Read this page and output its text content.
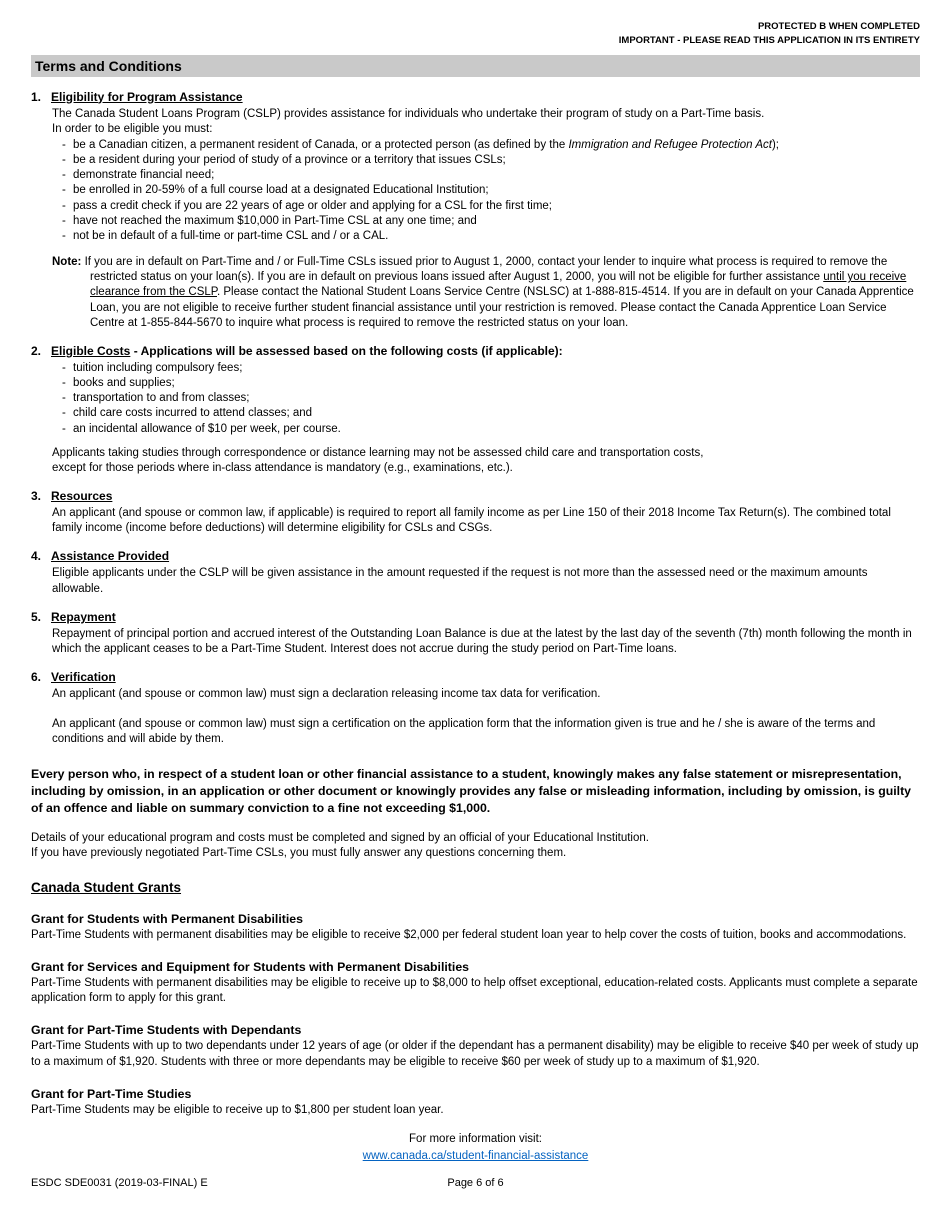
PROTECTED B WHEN COMPLETED
IMPORTANT - PLEASE READ THIS APPLICATION IN ITS ENTIRETY
Terms and Conditions
1. Eligibility for Program Assistance

The Canada Student Loans Program (CSLP) provides assistance for individuals who undertake their program of study on a Part-Time basis.

In order to be eligible you must:

- be a Canadian citizen, a permanent resident of Canada, or a protected person (as defined by the Immigration and Refugee Protection Act);
- be a resident during your period of study of a province or a territory that issues CSLs;
- demonstrate financial need;
- be enrolled in 20-59% of a full course load at a designated Educational Institution;
- pass a credit check if you are 22 years of age or older and applying for a CSL for the first time;
- have not reached the maximum $10,000 in Part-Time CSL at any one time; and
- not be in default of a full-time or part-time CSL and / or a CAL.
Note: If you are in default on Part-Time and / or Full-Time CSLs issued prior to August 1, 2000, contact your lender to inquire what process is required to remove the restricted status on your loan(s). If you are in default on previous loans issued after August 1, 2000, you will not be eligible for further assistance until you receive clearance from the CSLP. Please contact the National Student Loans Service Centre (NSLSC) at 1-888-815-4514. If you are in default on your Canada Apprentice Loan, you are not eligible to receive further student financial assistance until your restriction is removed. Please contact the Canada Apprentice Loan Service Centre at 1-855-844-5670 to inquire what process is required to remove the restricted status on your loan.
2. Eligible Costs - Applications will be assessed based on the following costs (if applicable):
- tuition including compulsory fees;
- books and supplies;
- transportation to and from classes;
- child care costs incurred to attend classes; and
- an incidental allowance of $10 per week, per course.

Applicants taking studies through correspondence or distance learning may not be assessed child care and transportation costs,

except for those periods where in-class attendance is mandatory (e.g., examinations, etc.).

3. Resources

An applicant (and spouse or common law, if applicable) is required to report all family income as per Line 150 of their 2018 Income Tax Return(s). The combined total family income (income before deductions) will determine eligibility for CSLs and CSGs.

4. Assistance Provided

Eligible applicants under the CSLP will be given assistance in the amount requested if the request is not more than the assessed need or the maximum amounts allowable.

5. Repayment

Repayment of principal portion and accrued interest of the Outstanding Loan Balance is due at the latest by the last day of the seventh (7th) month following the month in which the applicant ceases to be a Part-Time Student. Interest does not accrue during the study period on Part-Time loans.

6. Verification

An applicant (and spouse or common law) must sign a declaration releasing income tax data for verification.

An applicant (and spouse or common law) must sign a certification on the application form that the information given is true and he / she is aware of the terms and conditions and will abide by them.

Every person who, in respect of a student loan or other financial assistance to a student, knowingly makes any false statement or misrepresentation, including by omission, in an application or other document or knowingly provides any false or misleading information, including by omission, is guilty of an offence and liable on summary conviction to a fine not exceeding $1,000.

Details of your educational program and costs must be completed and signed by an official of your Educational Institution.

If you have previously negotiated Part-Time CSLs, you must fully answer any questions concerning them.

Canada Student Grants
Grant for Students with Permanent Disabilities
Part-Time Students with permanent disabilities may be eligible to receive $2,000 per federal student loan year to help cover the costs of tuition, books and accommodations.
Grant for Services and Equipment for Students with Permanent Disabilities
Part-Time Students with permanent disabilities may be eligible to receive up to $8,000 to help offset exceptional, education-related costs. Applicants must complete a separate application form to apply for this grant.
Grant for Part-Time Students with Dependants
Part-Time Students with up to two dependants under 12 years of age (or older if the dependant has a permanent disability) may be eligible to receive $40 per week of study up to a maximum of $1,920. Students with three or more dependants may be eligible to receive $60 per week of study up to a maximum of $1,920.
Grant for Part-Time Studies
Part-Time Students may be eligible to receive up to $1,800 per student loan year.
For more information visit:
www.canada.ca/student-financial-assistance
Page 6 of 6
ESDC SDE0031 (2019-03-FINAL) E
